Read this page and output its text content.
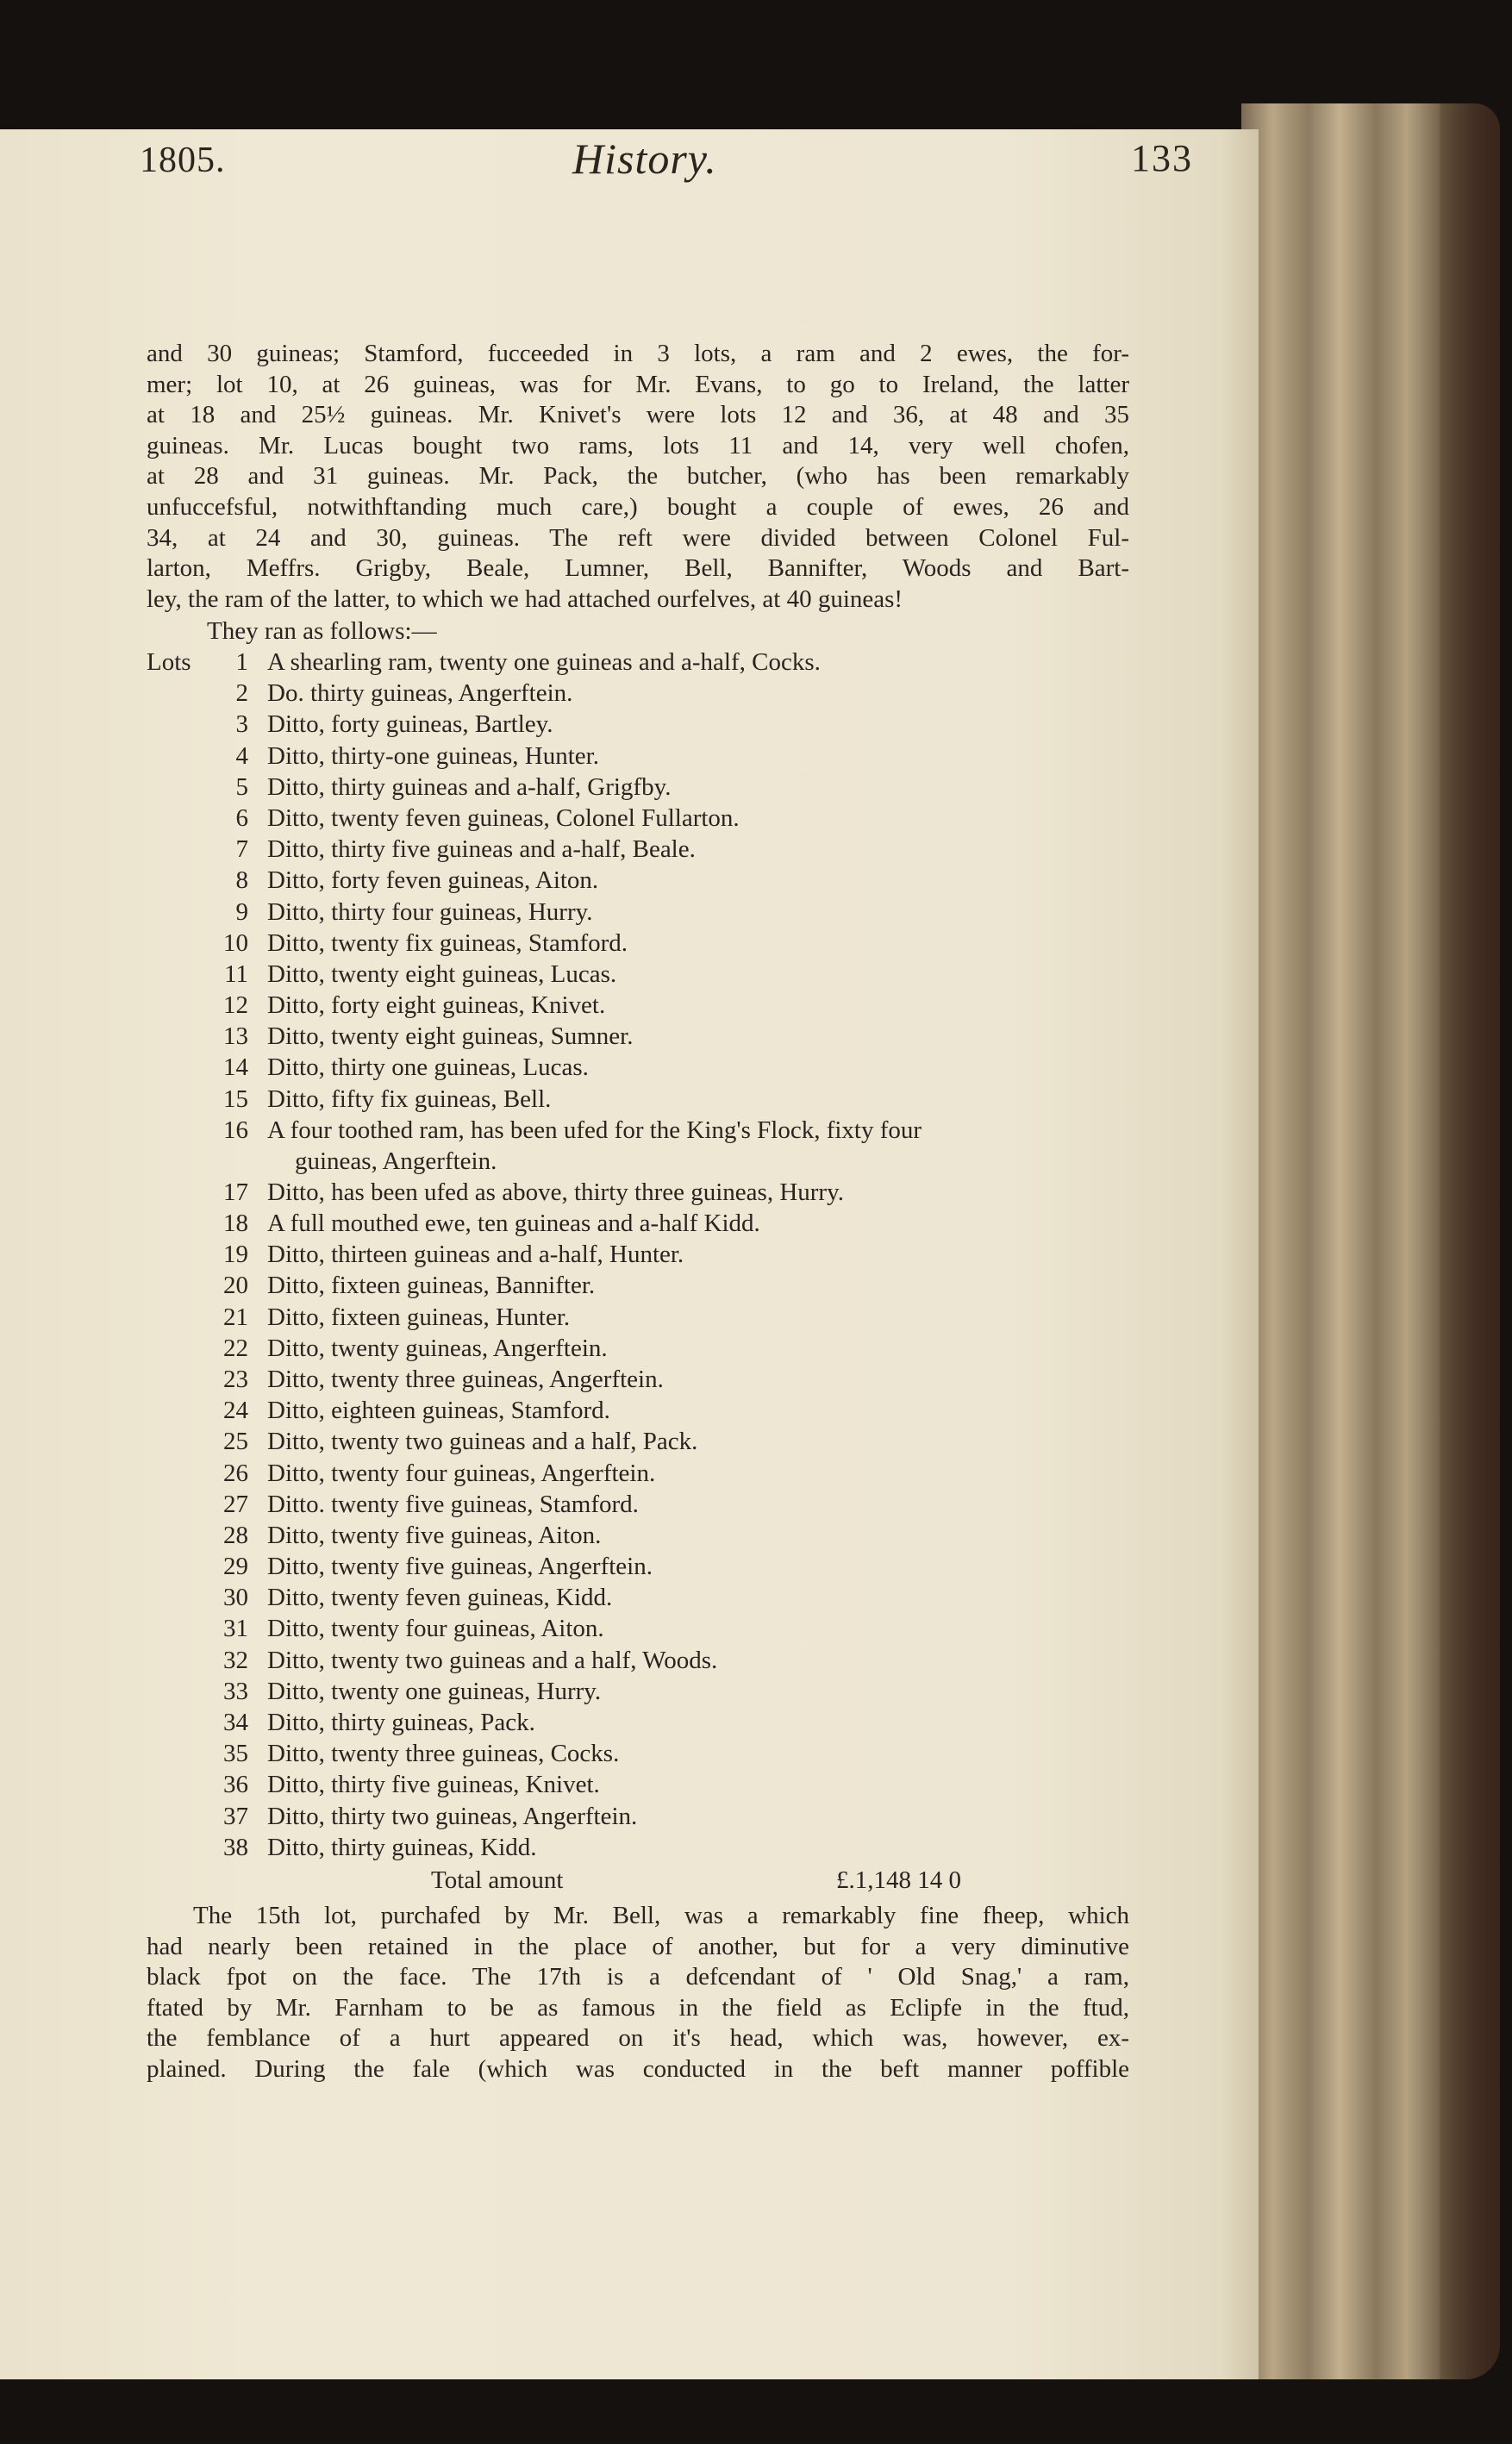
1805.	History.	133
and 30 guineas; Stamford, fucceeded in 3 lots, a ram and 2 ewes, the for-
mer; lot 10, at 26 guineas, was for Mr. Evans, to go to Ireland, the latter
at 18 and 25½ guineas. Mr. Knivet's were lots 12 and 36, at 48 and 35
guineas. Mr. Lucas bought two rams, lots 11 and 14, very well chofen,
at 28 and 31 guineas. Mr. Pack, the butcher, (who has been remarkably
unfuccefsful, notwithftanding much care,) bought a couple of ewes, 26 and
34, at 24 and 30, guineas. The reft were divided between Colonel Ful-
larton, Meffrs. Grigby, Beale, Lumner, Bell, Bannifter, Woods and Bart-
ley, the ram of the latter, to which we had attached ourfelves, at 40 guineas!
They ran as follows:—
Lots	1 A shearling ram, twenty one guineas and a-half, Cocks.
2 Do. thirty guineas, Angerftein.
3 Ditto, forty guineas, Bartley.
4 Ditto, thirty-one guineas, Hunter.
5 Ditto, thirty guineas and a-half, Grigfby.
6 Ditto, twenty feven guineas, Colonel Fullarton.
7 Ditto, thirty five guineas and a-half, Beale.
8 Ditto, forty feven guineas, Aiton.
9 Ditto, thirty four guineas, Hurry.
10 Ditto, twenty fix guineas, Stamford.
11 Ditto, twenty eight guineas, Lucas.
12 Ditto, forty eight guineas, Knivet.
13 Ditto, twenty eight guineas, Sumner.
14 Ditto, thirty one guineas, Lucas.
15 Ditto, fifty fix guineas, Bell.
16 A four toothed ram, has been ufed for the King's Flock, fixty four
guineas, Angerftein.
17 Ditto, has been ufed as above, thirty three guineas, Hurry.
18 A full mouthed ewe, ten guineas and a-half Kidd.
19 Ditto, thirteen guineas and a-half, Hunter.
20 Ditto, fixteen guineas, Bannifter.
21 Ditto, fixteen guineas, Hunter.
22 Ditto, twenty guineas, Angerftein.
23 Ditto, twenty three guineas, Angerftein.
24 Ditto, eighteen guineas, Stamford.
25 Ditto, twenty two guineas and a half, Pack.
26 Ditto, twenty four guineas, Angerftein.
27 Ditto. twenty five guineas, Stamford.
28 Ditto, twenty five guineas, Aiton.
29 Ditto, twenty five guineas, Angerftein.
30 Ditto, twenty feven guineas, Kidd.
31 Ditto, twenty four guineas, Aiton.
32 Ditto, twenty two guineas and a half, Woods.
33 Ditto, twenty one guineas, Hurry.
34 Ditto, thirty guineas, Pack.
35 Ditto, twenty three guineas, Cocks.
36 Ditto, thirty five guineas, Knivet.
37 Ditto, thirty two guineas, Angerftein.
38 Ditto, thirty guineas, Kidd.
Total amount	£.1,148 14 0
The 15th lot, purchafed by Mr. Bell, was a remarkably fine fheep, which
had nearly been retained in the place of another, but for a very diminutive
black fpot on the face. The 17th is a defcendant of ' Old Snag,' a ram,
ftated by Mr. Farnham to be as famous in the field as Eclipfe in the ftud,
the femblance of a hurt appeared on it's head, which was, however, ex-
plained. During the fale (which was conducted in the beft manner poffible
